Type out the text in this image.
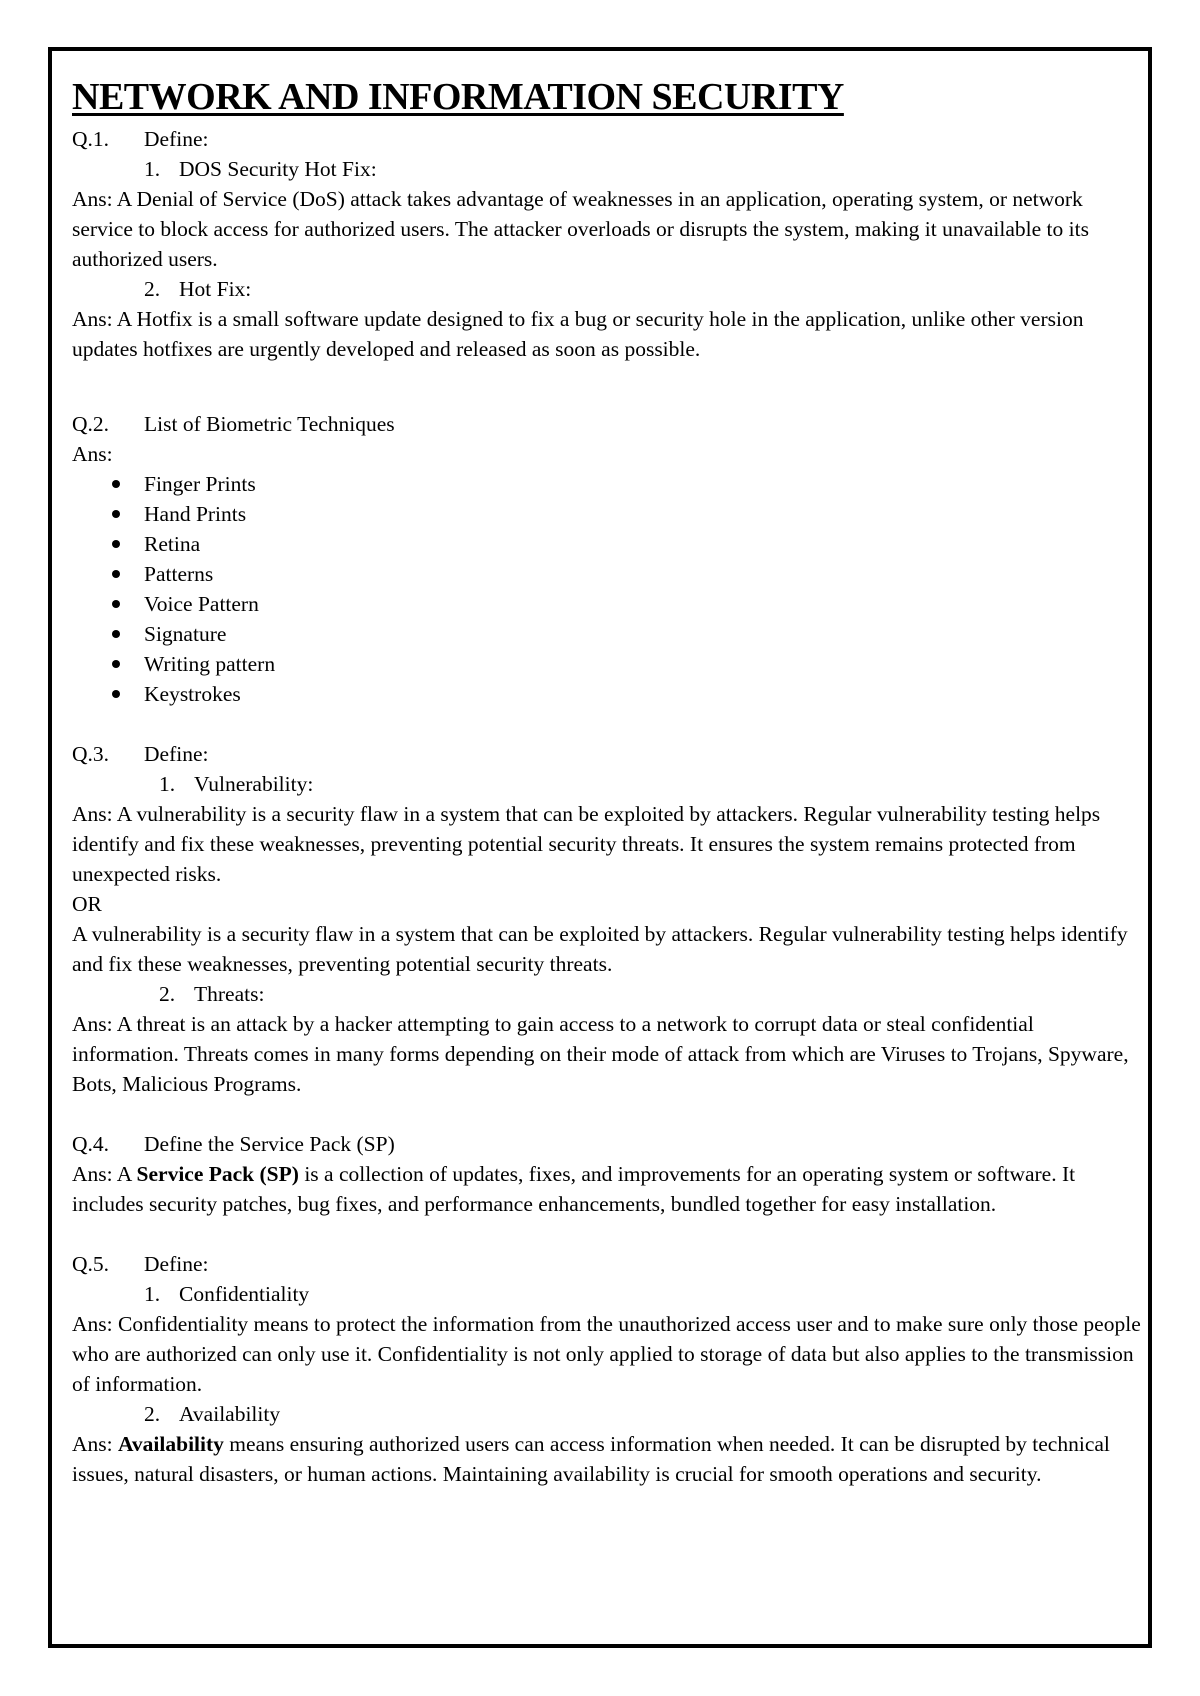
NETWORK AND INFORMATION SECURITY
Q.1.	Define:
1. DOS Security Hot Fix:
Ans: A Denial of Service (DoS) attack takes advantage of weaknesses in an application, operating system, or network service to block access for authorized users. The attacker overloads or disrupts the system, making it unavailable to its authorized users.
2. Hot Fix:
Ans: A Hotfix is a small software update designed to fix a bug or security hole in the application, unlike other version updates hotfixes are urgently developed and released as soon as possible.
Q.2.	List of Biometric Techniques
Ans:
Finger Prints
Hand Prints
Retina
Patterns
Voice Pattern
Signature
Writing pattern
Keystrokes
Q.3.	Define:
1. Vulnerability:
Ans: A vulnerability is a security flaw in a system that can be exploited by attackers. Regular vulnerability testing helps identify and fix these weaknesses, preventing potential security threats. It ensures the system remains protected from unexpected risks.
OR
A vulnerability is a security flaw in a system that can be exploited by attackers. Regular vulnerability testing helps identify and fix these weaknesses, preventing potential security threats.
2. Threats:
Ans: A threat is an attack by a hacker attempting to gain access to a network to corrupt data or steal confidential information. Threats comes in many forms depending on their mode of attack from which are Viruses to Trojans, Spyware, Bots, Malicious Programs.
Q.4.	Define the Service Pack (SP)
Ans: A Service Pack (SP) is a collection of updates, fixes, and improvements for an operating system or software. It includes security patches, bug fixes, and performance enhancements, bundled together for easy installation.
Q.5.	Define:
1. Confidentiality
Ans: Confidentiality means to protect the information from the unauthorized access user and to make sure only those people who are authorized can only use it. Confidentiality is not only applied to storage of data but also applies to the transmission of information.
2. Availability
Ans: Availability means ensuring authorized users can access information when needed. It can be disrupted by technical issues, natural disasters, or human actions. Maintaining availability is crucial for smooth operations and security.
